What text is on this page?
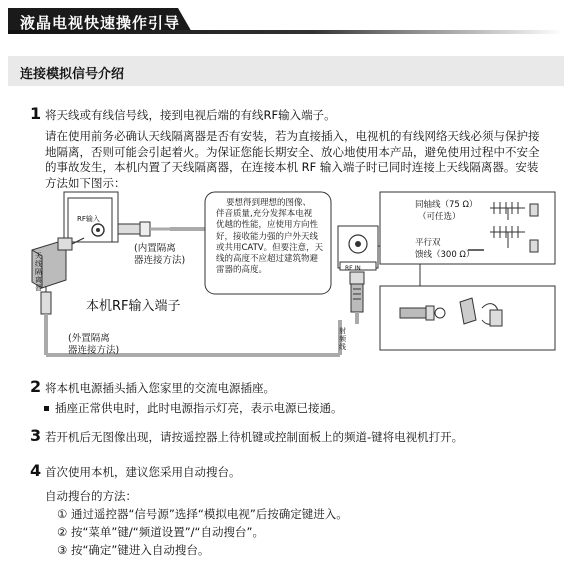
液晶电视快速操作引导
连接模拟信号介绍
1 将天线或有线信号线，接到电视后端的有线RF输入端子。
请在使用前务必确认天线隔离器是否有安装，若为直接插入，电视机的有线网络天线必须与保护接地隔离，否则可能会引起着火。为保证您能长期安全、放心地使用本产品，避免使用过程中不安全的事故发生，本机内置了天线隔离器，在连接本机 RF 输入端子时已同时连接上天线隔离器。安装方法如下图示：
RF输入
(内置隔离
器连接方法)
天线隔离器
本机RF输入端子
(外置隔离
器连接方法)
要想得到理想的图像、
伴音质量,充分发挥本电视
优越的性能，应使用方向性
好，接收能力强的户外天线
或共用CATV。但要注意，天
线的高度不应超过建筑物避
雷器的高度。	RF IN
同轴线（75 Ω）
（可任选）
平行双
馈线（300 Ω）
射频线
2 将本机电源插头插入您家里的交流电源插座。
插座正常供电时，此时电源指示灯亮，表示电源已接通。
3 若开机后无图像出现，请按遥控器上待机键或控制面板上的频道-键将电视机打开。
4 首次使用本机，建议您采用自动搜台。
自动搜台的方法：
① 通过遥控器“信号源”选择“模拟电视”后按确定键进入。
② 按“菜单”键/“频道设置”/“自动搜台”。
③ 按“确定”键进入自动搜台。
